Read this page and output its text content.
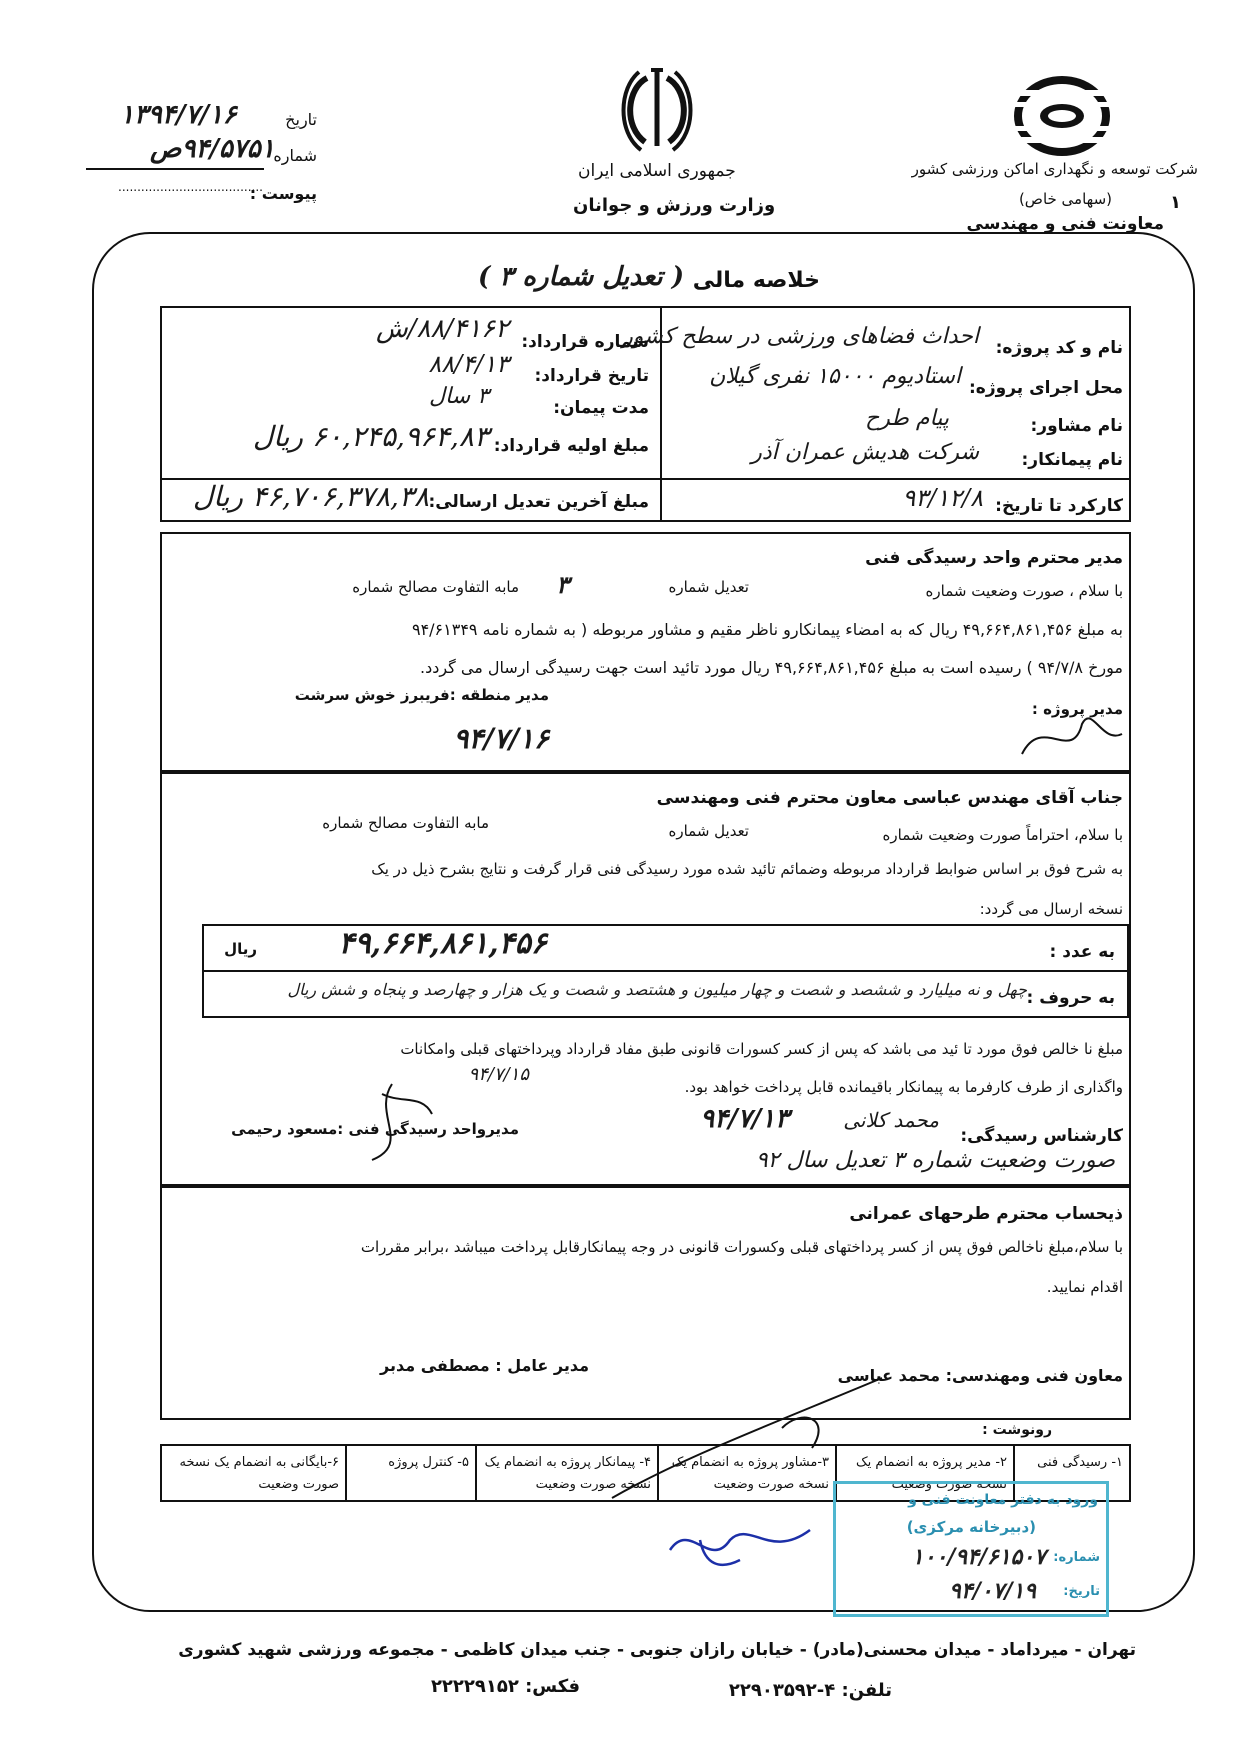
شرکت توسعه و نگهداری اماکن ورزشی کشور
(سهامی خاص)
معاونت فنی و مهندسی
۱
جمهوری اسلامی ایران
وزارت ورزش و جوانان
تاریخ
۱۳۹۴/۷/۱۶
شماره
۹۴/۵۷۵۱ص
پیوست :
......................................
خلاصه مالی
( تعدیل شماره ۳ )
نام و کد پروژه:
احداث فضاهای ورزشی در سطح کشور
محل اجرای پروژه:
استادیوم ۱۵۰۰۰ نفری گیلان
نام مشاور:
پیام طرح
نام پیمانکار:
شرکت هدیش عمران آذر
کارکرد تا تاریخ:
۹۳/۱۲/۸
شماره قرارداد:
۸۸/۴۱۶۲/ش
تاریخ قرارداد:
۸۸/۴/۱۳
مدت پیمان:
۳ سال
مبلغ اولیه قرارداد:
۶۰,۲۴۵,۹۶۴,۸۳ ریال
مبلغ آخرین تعدیل ارسالی:
۴۶,۷۰۶,۳۷۸,۳۸ ریال
مدیر محترم واحد رسیدگی فنی
با سلام ، صورت وضعیت شماره
تعدیل شماره
۳
مابه التفاوت مصالح شماره
به مبلغ ۴۹,۶۶۴,۸۶۱,۴۵۶ ریال که به امضاء پیمانکارو ناظر مقیم و مشاور مربوطه ( به شماره نامه ۹۴/۶۱۳۴۹
مورخ ۹۴/۷/۸ ) رسیده است به مبلغ ۴۹,۶۶۴,۸۶۱,۴۵۶ ریال مورد تائید است جهت رسیدگی ارسال می گردد.
مدیر منطقه :فریبرز خوش سرشت
مدیر پروژه :
۹۴/۷/۱۶
جناب آقای مهندس عباسی معاون محترم فنی ومهندسی
با سلام، احتراماً صورت وضعیت شماره
تعدیل شماره
مابه التفاوت مصالح شماره
به شرح فوق بر اساس ضوابط قرارداد مربوطه وضمائم تائید شده مورد رسیدگی فنی قرار گرفت و نتایج بشرح ذیل در یک
نسخه ارسال می گردد:
به عدد :
۴۹,۶۶۴,۸۶۱,۴۵۶
ریال
به حروف :
چهل و نه میلیارد و ششصد و شصت و چهار میلیون و هشتصد و شصت و یک هزار و چهارصد و پنجاه و شش ریال
مبلغ نا خالص فوق مورد تا ئید می باشد که پس از کسر کسورات قانونی طبق مفاد قرارداد وپرداختهای قبلی وامکانات
واگذاری از طرف کارفرما به پیمانکار باقیمانده قابل پرداخت خواهد بود.
۹۴/۷/۱۵
کارشناس رسیدگی:
محمد کلانی
۹۴/۷/۱۳
مدیرواحد رسیدگی فنی :مسعود رحیمی
صورت وضعیت شماره ۳ تعدیل سال ۹۲
ذیحساب محترم طرحهای عمرانی
با سلام،مبلغ ناخالص فوق پس از کسر پرداختهای قبلی وکسورات قانونی در وجه پیمانکارقابل پرداخت میباشد ،برابر مقررات
اقدام نمایید.
مدیر عامل : مصطفی مدبر
معاون فنی ومهندسی: محمد عباسی
رونوشت :
۱- رسیدگی فنی
۲- مدیر پروژه به انضمام یک نسخه صورت وضعیت
۳-مشاور پروژه به انضمام یک نسخه صورت وضعیت
۴- پیمانکار پروژه به انضمام یک نسخه صورت وضعیت
۵- کنترل پروژه
۶-بایگانی به انضمام یک نسخه صورت وضعیت
ورود به دفتر معاونت فنی و
(دبیرخانه مرکزی)
شماره:
۱۰۰/۹۴/۶۱۵۰۷
تاریخ:
۹۴/۰۷/۱۹
تهران - میرداماد - میدان محسنی(مادر) - خیابان رازان جنوبی - جنب میدان کاظمی - مجموعه ورزشی شهید کشوری
تلفن: ۴-۲۲۹۰۳۵۹۲
فکس: ۲۲۲۲۹۱۵۲
